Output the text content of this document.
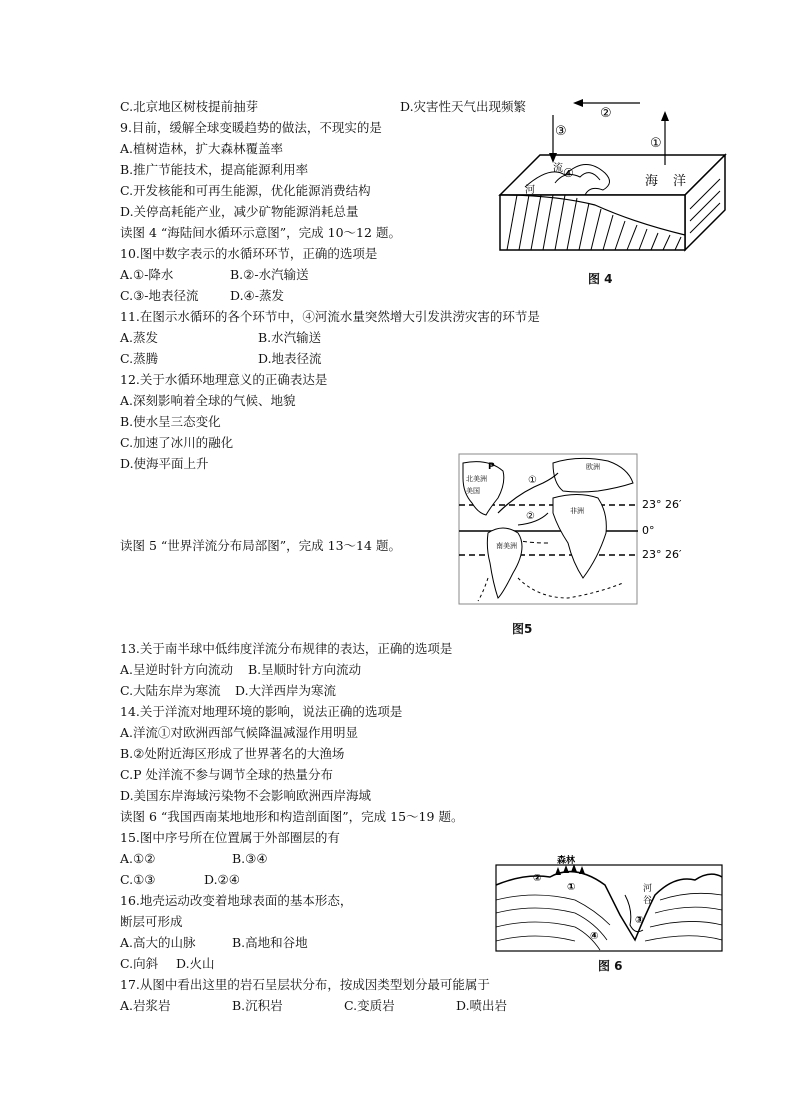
C.北京地区树枝提前抽芽	D.灾害性天气出现频繁
9.目前，缓解全球变暖趋势的做法，不现实的是
A.植树造林，扩大森林覆盖率
B.推广节能技术，提高能源利用率
C.开发核能和可再生能源，优化能源消费结构
D.关停高耗能产业，减少矿物能源消耗总量
读图 4 “海陆间水循环示意图”，完成 10～12 题。
10.图中数字表示的水循环环节，正确的选项是
A.①-降水	B.②-水汽输送
C.③-地表径流	D.④-蒸发
11.在图示水循环的各个环节中，④河流水量突然增大引发洪涝灾害的环节是
A.蒸发	B.水汽输送
C.蒸腾	D.地表径流
12.关于水循环地理意义的正确表达是
A.深刻影响着全球的气候、地貌
B.使水呈三态变化
C.加速了冰川的融化
D.使海平面上升
读图 5 “世界洋流分布局部图”，完成 13～14 题。
13.关于南半球中低纬度洋流分布规律的表达，正确的选项是
A.呈逆时针方向流动 B.呈顺时针方向流动
C.大陆东岸为寒流 D.大洋西岸为寒流
14.关于洋流对地理环境的影响，说法正确的选项是
A.洋流①对欧洲西部气候降温减湿作用明显
B.②处附近海区形成了世界著名的大渔场
C.P 处洋流不参与调节全球的热量分布
D.美国东岸海域污染物不会影响欧洲西岸海域
读图 6 “我国西南某地地形和构造剖面图”，完成 15～19 题。
15.图中序号所在位置属于外部圈层的有
A.①②	B.③④
C.①③	D.②④
16.地壳运动改变着地球表面的基本形态，
断层可形成
A.高大的山脉	B.高地和谷地
C.向斜 D.火山
17.从图中看出这里的岩石呈层状分布，按成因类型划分最可能属于
A.岩浆岩	B.沉积岩	C.变质岩	D.喷出岩
②
③
①
④
海 洋
河
流
图 4
P
①
②
北美洲
欧洲
非洲
南美洲
美国
23° 26′
0°
23° 26′
图5
森林
①
②
③
④
河
谷
图 6
